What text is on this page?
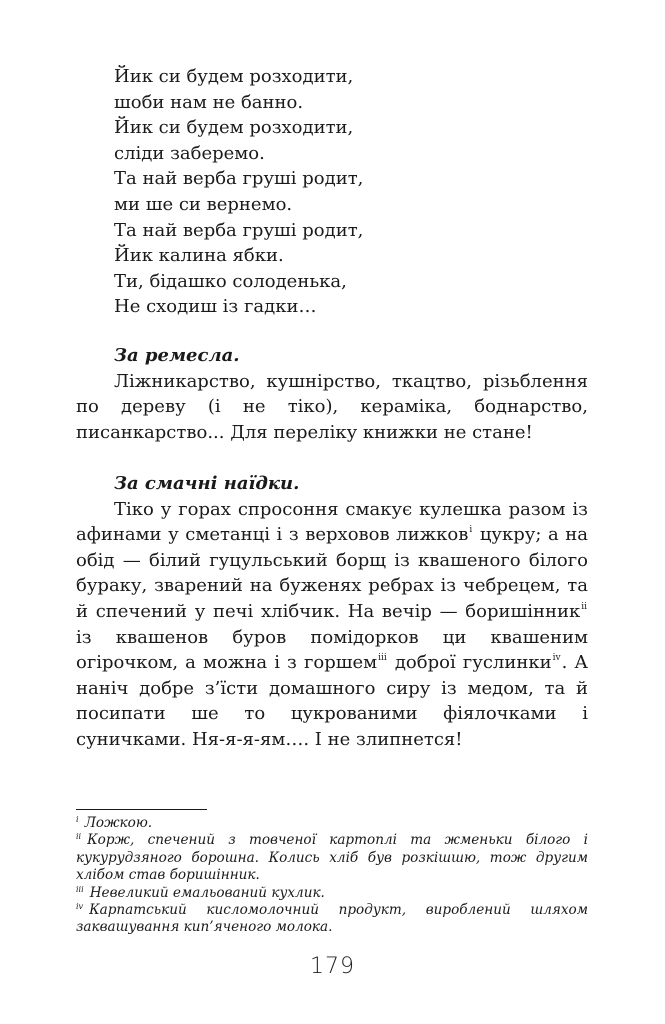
Йик си будем розходити,
шоби нам не банно.
Йик си будем розходити,
сліди заберемо.
Та най верба груші родит,
ми ше си вернемо.
Та най верба груші родит,
Йик калина ябки.
Ти, бідашко солоденька,
Не сходиш із гадки…
За ремесла.
Ліжникарство, кушнірство, ткацтво, різьблення по дереву (і не тіко), кераміка, боднарство, писанкарство... Для переліку книжки не стане!
За смачні наїдки.
Тіко у горах спросоння смакує кулешка разом із афинами у сметанці і з верховов лижков$^i$ цукру; а на обід — білий гуцульський борщ із квашеного білого бураку, зварений на буженях ребрах із чебрецем, та й спечений у печі хлібчик. На вечір — боришінник$^{ii}$ із квашенов буров помідорков ци квашеним огірочком, а можна і з горшем$^{iii}$ доброї гуслинки$^{iv}$. А наніч добре з’їсти домашного сиру із медом, та й посипати ше то цукрованими фіялочками і суничками. Ня-я-я-ям…. І не злипнется!
$^i$ Ложкою.
$^{ii}$ Корж, спечений з товченої картоплі та жменьки білого і кукурудзяного борошна. Колись хліб був розкішшю, тож другим хлібом став боришінник.
$^{iii}$ Невеликий емальований кухлик.
$^{iv}$ Карпатський кисломолочний продукт, вироблений шляхом заквашування кип’яченого молока.
179
